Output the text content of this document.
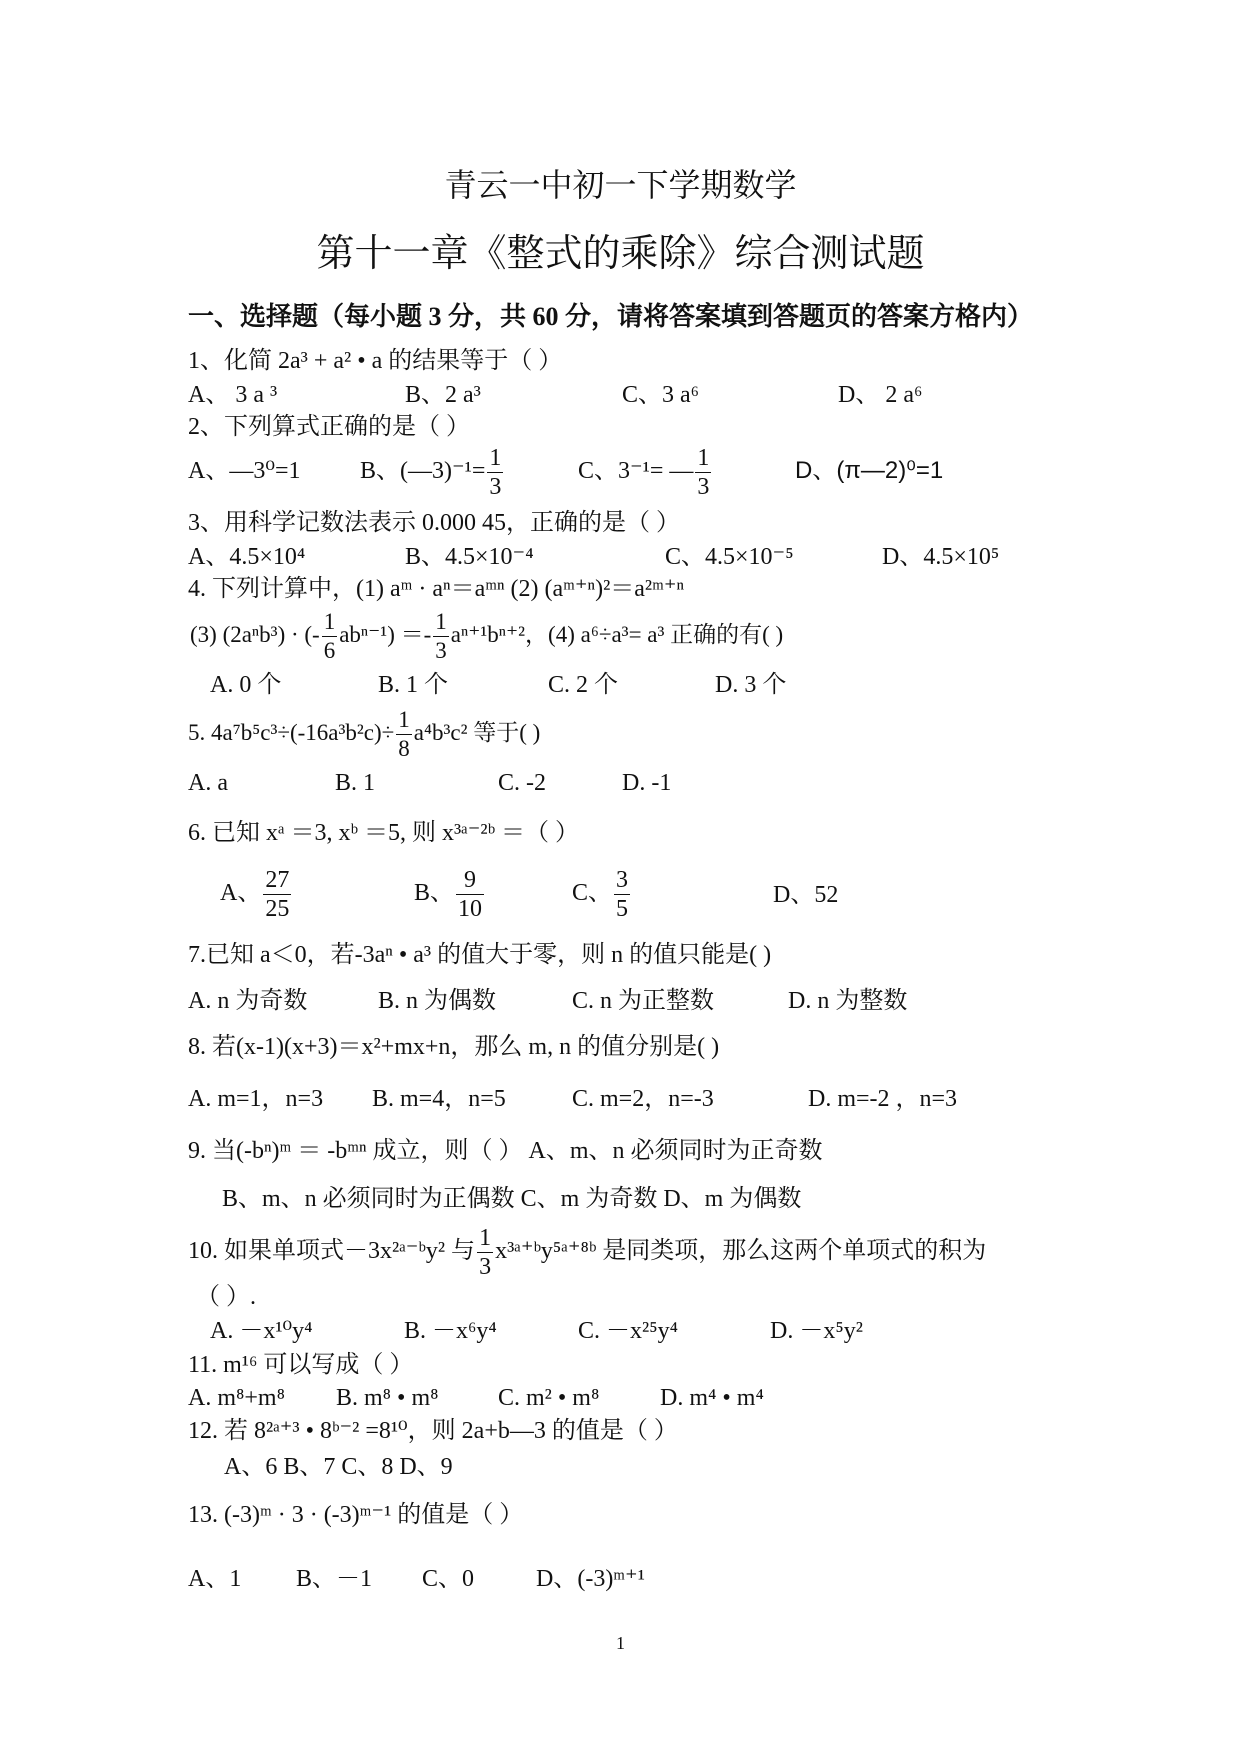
青云一中初一下学期数学
第十一章《整式的乘除》综合测试题
一、选择题（每小题 3 分，共 60 分，请将答案填到答题页的答案方格内）
1、化简 2a³ + a² • a 的结果等于（ ）
A、 3 a ³	B、2 a³	C、3 a⁶	D、 2 a⁶
2、下列算式正确的是（ ）
A、—3⁰=1 B、(—3)⁻¹= $\frac{1}{3}$	C、3⁻¹= — $\frac{1}{3}$	D、(π—2)⁰=1
3、用科学记数法表示 0.000 45，正确的是（ ）
A、4.5×10⁴	B、4.5×10⁻⁴	C、4.5×10⁻⁵	D、4.5×10⁵
4. 下列计算中，(1) aᵐ · aⁿ＝aᵐⁿ (2) (aᵐ⁺ⁿ)²＝a²ᵐ⁺ⁿ
(3) (2aⁿb³) · (- $\frac{1}{6} ab^{n-1}) =- \frac{1}{3} a^{n+1}b^{n+2}$，(4) a⁶÷a³= a³ 正确的有( )
A. 0 个	B. 1 个	C. 2 个	D. 3 个
5. $4a^7b^5c^3\div(-16a^3b^2c)\div \frac{1}{8} a^4b^3c^2$ 等于( )
A. a	B. 1	C. -2	D. -1
6. 已知 xᵃ ＝3, xᵇ ＝5, 则 x³ᵃ⁻²ᵇ ＝（ ）
A、 $\frac{27}{25}$	B、 $\frac{9}{10}$	C、 $\frac{3}{5}$	D、52
7.已知 a＜0，若-3aⁿ • a³ 的值大于零，则 n 的值只能是( )
A. n 为奇数	B. n 为偶数	C. n 为正整数	D. n 为整数
8. 若(x-1)(x+3)＝x²+mx+n，那么 m, n 的值分别是( )
A. m=1，n=3 B. m=4，n=5	C. m=2，n=-3	D. m=-2 ，n=3
9. 当(-bⁿ)ᵐ ＝ -bᵐⁿ 成立，则（ ） A、m、n 必须同时为正奇数
B、m、n 必须同时为正偶数 C、m 为奇数 D、m 为偶数
10. 如果单项式－3x²ᵃ⁻ᵇy² 与 $\frac{1}{3}$ x³ᵃ⁺ᵇy⁵ᵃ⁺⁸ᵇ 是同类项，那么这两个单项式的积为
（ ）.
A. －x¹⁰y⁴	B. －x⁶y⁴	C. －x²⁵y⁴	D. －x⁵y²
11. m¹⁶ 可以写成（ ）
A. m⁸+m⁸ B. m⁸ • m⁸ C. m² • m⁸	D. m⁴ • m⁴
12. 若 8²ᵃ⁺³ • 8ᵇ⁻² =8¹⁰，则 2a+b—3 的值是（ ）
A、6 B、7 C、8 D、9
13. (-3)ᵐ · 3 · (-3)ᵐ⁻¹ 的值是（ ）
A、1 B、－1 C、0	D、(-3)ᵐ⁺¹
1
